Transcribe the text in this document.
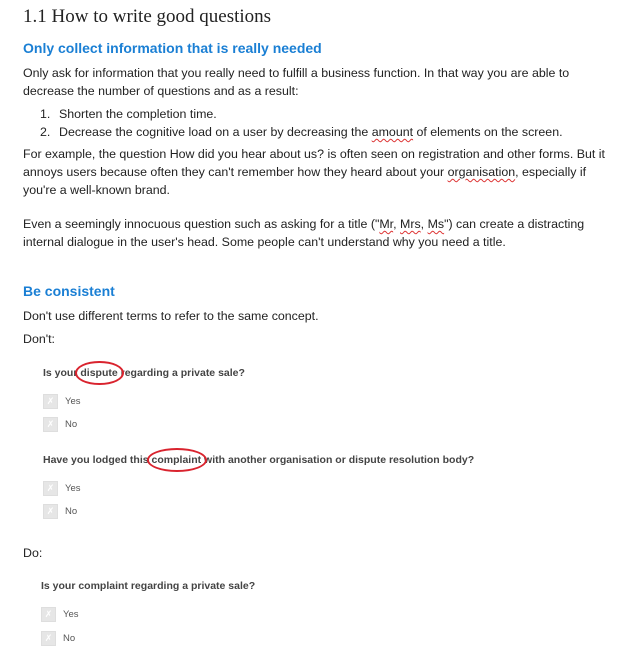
1.1 How to write good questions
Only collect information that is really needed
Only ask for information that you really need to fulfill a business function. In that way you are able to decrease the number of questions and as a result:
1. Shorten the completion time.
2. Decrease the cognitive load on a user by decreasing the amount of elements on the screen.
For example, the question How did you hear about us? is often seen on registration and other forms. But it annoys users because often they can't remember how they heard about your organisation, especially if you're a well-known brand.
Even a seemingly innocuous question such as asking for a title ("Mr, Mrs, Ms") can create a distracting internal dialogue in the user's head. Some people can't understand why you need a title.
Be consistent
Don't use different terms to refer to the same concept.
Don't:
Is your dispute regarding a private sale?
✗	Yes
✗	No
Have you lodged this complaint with another organisation or dispute resolution body?
✗	Yes
✗	No
Do:
Is your complaint regarding a private sale?
✗	Yes
✗	No
